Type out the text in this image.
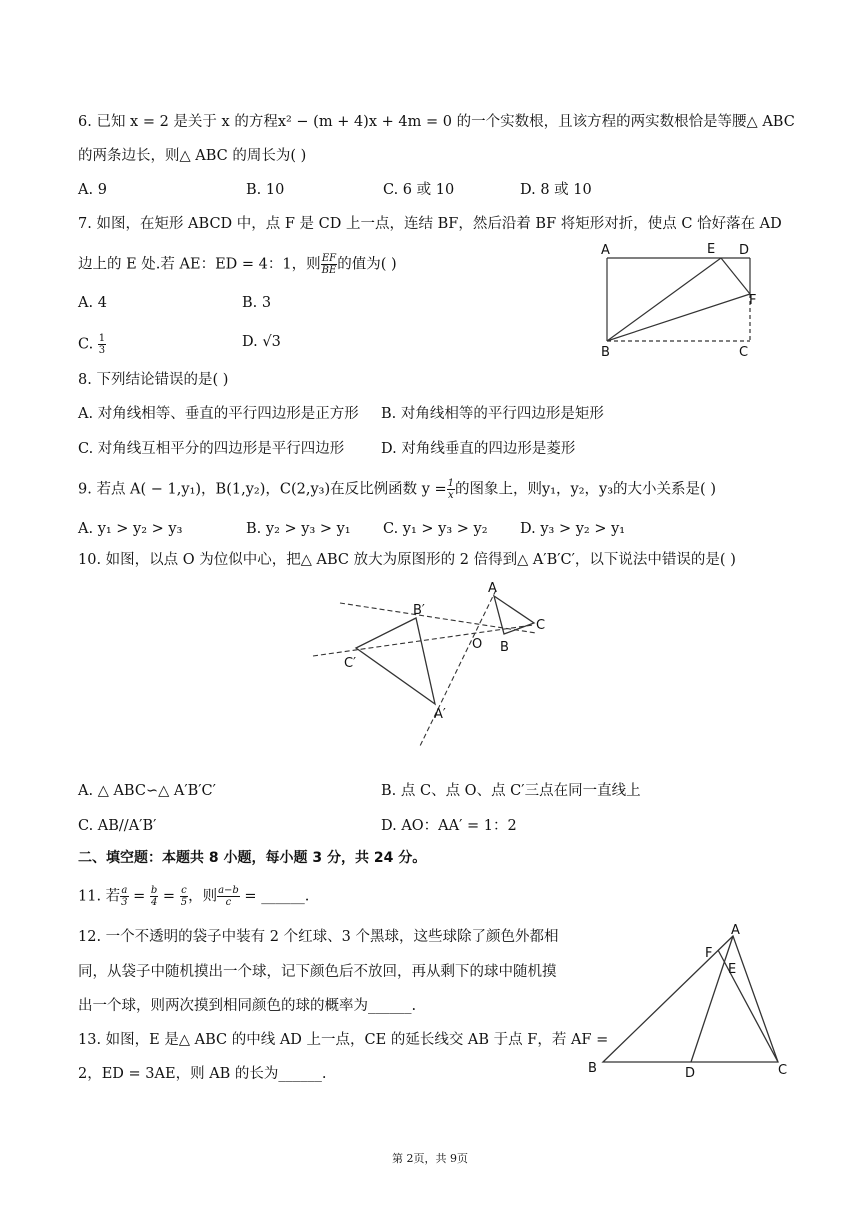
6. 已知 x = 2 是关于 x 的方程x² − (m + 4)x + 4m = 0 的一个实数根，且该方程的两实数根恰是等腰△ ABC
的两条边长，则△ ABC 的周长为( )
A. 9	B. 10	C. 6 或 10	D. 8 或 10
7. 如图，在矩形 ABCD 中，点 F 是 CD 上一点，连结 BF，然后沿着 BF 将矩形对折，使点 C 恰好落在 AD
边上的 E 处.若 AE：ED = 4：1，则 $\frac{EF}{BE}$ 的值为( )
A. 4	B. 3
C. $\frac{1}{3}$	D. √3
A	E D
F
B	C
8. 下列结论错误的是( )
A. 对角线相等、垂直的平行四边形是正方形 B. 对角线相等的平行四边形是矩形
C. 对角线互相平分的四边形是平行四边形	D. 对角线垂直的四边形是菱形
9. 若点 A( − 1,y₁)，B(1,y₂)，C(2,y₃)在反比例函数 $y = \frac{1}{x}$ 的图象上，则y₁，y₂，y₃的大小关系是( )
A. y₁ > y₂ > y₃	B. y₂ > y₃ > y₁ C. y₁ > y₃ > y₂ D. y₃ > y₂ > y₁
10. 如图，以点 O 为位似中心，把△ ABC 放大为原图形的 2 倍得到△ A′B′C′，以下说法中错误的是( )
A
B′
C
O B
C′
A′
A. △ ABC∽△ A′B′C′	B. 点 C、点 O、点 C′三点在同一直线上
C. AB//A′B′	D. AO：AA′ = 1：2
二、填空题：本题共 8 小题，每小题 3 分，共 24 分。
11. 若 $\frac{a}{3} = \frac{b}{4} = \frac{c}{5}$ ，则 $\frac{a-b}{c}$ = ______.
12. 一个不透明的袋子中装有 2 个红球、3 个黑球，这些球除了颜色外都相
同，从袋子中随机摸出一个球，记下颜色后不放回，再从剩下的球中随机摸
出一个球，则两次摸到相同颜色的球的概率为______.
13. 如图，E 是△ ABC 的中线 AD 上一点，CE 的延长线交 AB 于点 F，若 AF =
2，ED = 3AE，则 AB 的长为______.
A
F
E
B	D	C
第 2页，共 9页
